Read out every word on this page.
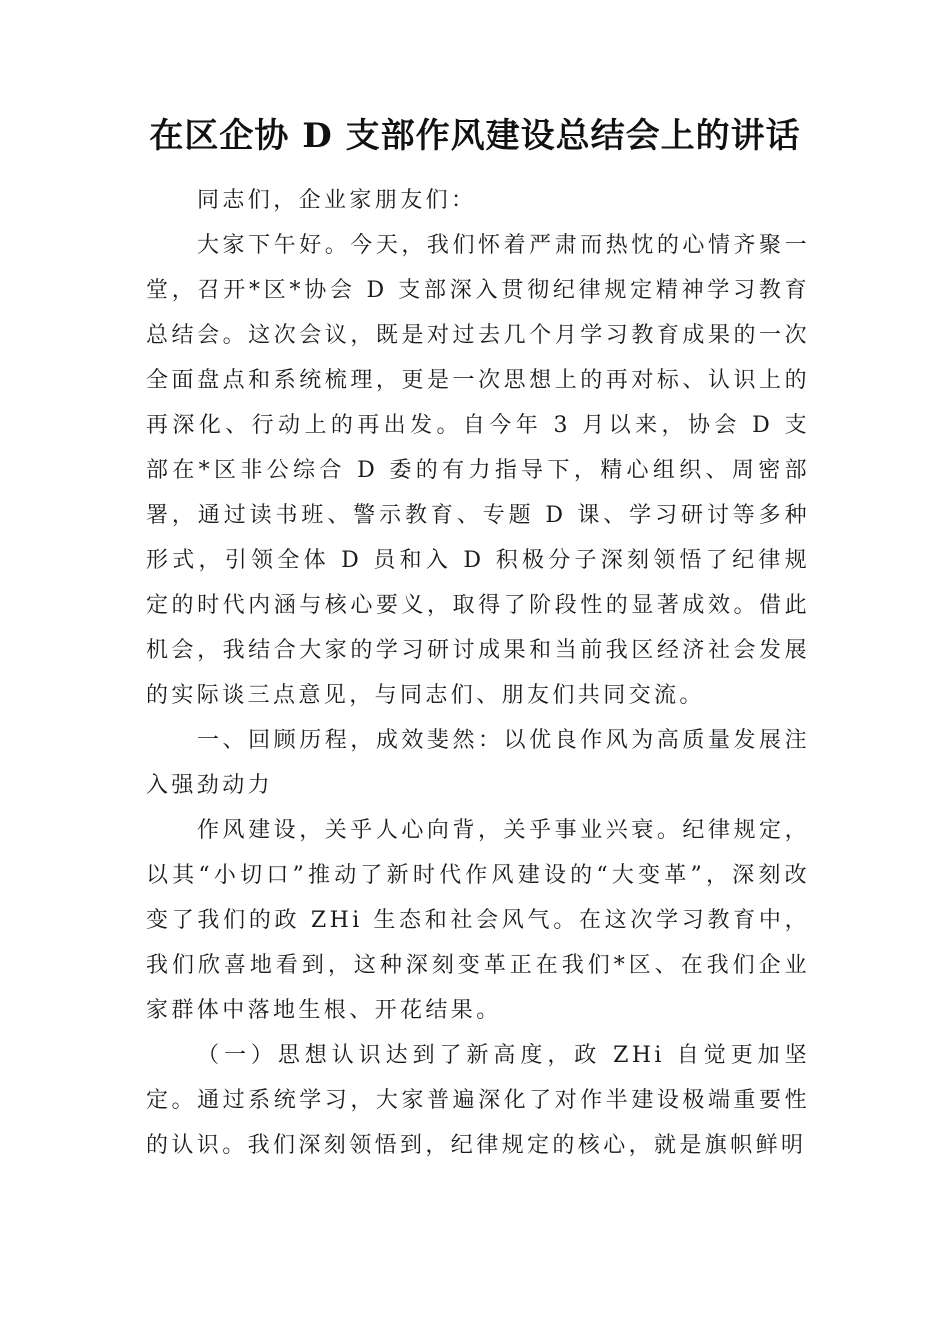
在区企协 D 支部作风建设总结会上的讲话

同志们，企业家朋友们：

大家下午好。今天，我们怀着严肃而热忱的心情齐聚一堂，召开*区*协会 D 支部深入贯彻纪律规定精神学习教育总结会。这次会议，既是对过去几个月学习教育成果的一次全面盘点和系统梳理，更是一次思想上的再对标、认识上的再深化、行动上的再出发。自今年 3 月以来，协会 D 支部在*区非公综合 D 委的有力指导下，精心组织、周密部署，通过读书班、警示教育、专题 D 课、学习研讨等多种形式，引领全体 D 员和入 D 积极分子深刻领悟了纪律规定的时代内涵与核心要义，取得了阶段性的显著成效。借此机会，我结合大家的学习研讨成果和当前我区经济社会发展的实际谈三点意见，与同志们、朋友们共同交流。

一、回顾历程，成效斐然：以优良作风为高质量发展注入强劲动力

作风建设，关乎人心向背，关乎事业兴衰。纪律规定，以其“小切口”推动了新时代作风建设的“大变革”，深刻改变了我们的政 ZHi 生态和社会风气。在这次学习教育中，我们欣喜地看到，这种深刻变革正在我们*区、在我们企业家群体中落地生根、开花结果。

（一）思想认识达到了新高度，政 ZHi 自觉更加坚定。通过系统学习，大家普遍深化了对作半建设极端重要性的认识。我们深刻领悟到，纪律规定的核心，就是旗帜鲜明
